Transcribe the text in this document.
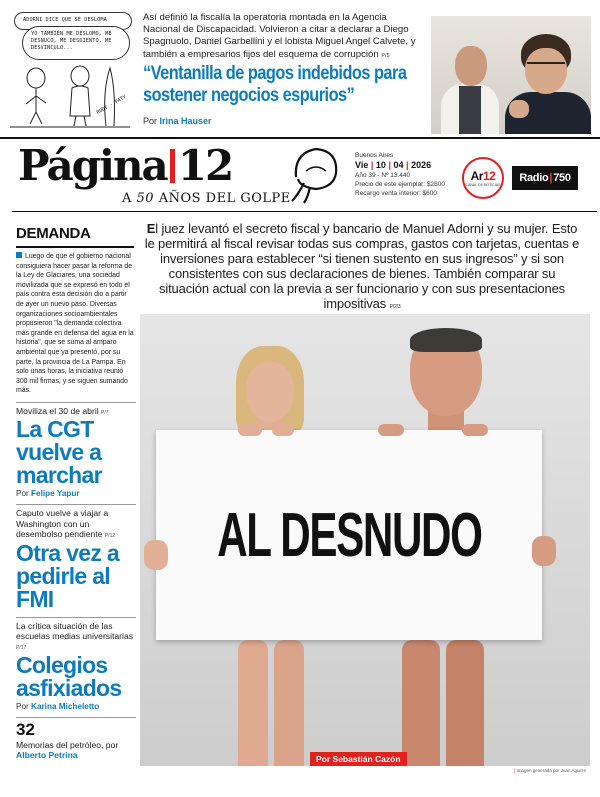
ADORNI DICE QUE SE DESLOMA
YO TAMBIÉN ME DESLOMO, ME DESNUCO, ME DESDIENTO, ME DESVINCULO...
RUDY · PATY

Así definió la fiscalía la operatoria montada en la Agencia Nacional de Discapacidad. Volvieron a citar a declarar a Diego Spagnuolo, Daniel Garbellini y el lobista Miguel Angel Calvete, y también a empresarios fijos del esquema de corrupción P/5

“Ventanilla de pagos indebidos para sostener negocios espurios”
Por Irina Hauser
Página 12
A 50 AÑOS DEL GOLPE
Buenos Aires
Vie | 10 | 04 | 2026
Año 39 - Nº 13.440
Precio de este ejemplar: $2800
Recargo venta interior: $600
Ar12
CANAL DE NOTICIAS
Radio | 750
DEMANDA

Luego de que el gobierno nacional consiguiera hacer pasar la reforma de la Ley de Glaciares, una sociedad movilizada que se expresó en todo el país contra esta decisión dio a partir de ayer un nuevo paso. Diversas organizaciones socioambientales propusieron "la demanda colectiva más grande en defensa del agua en la historia", que se suma al amparo ambiental que ya presentó, por su parte, la provincia de La Pampa. En solo unas horas, la iniciativa reunió 300 mil firmas, y se siguen sumando más.

Moviliza el 30 de abril P/7
La CGT vuelve a marchar
Por Felipe Yapur
Caputo vuelve a viajar a Washington con un desembolso pendiente P/12
Otra vez a pedirle al FMI
La crítica situación de las escuelas medias universitarias P/17
Colegios asfixiados
Por Karina Micheletto
32
Memorias del petróleo, por Alberto Petrina

El juez levantó el secreto fiscal y bancario de Manuel Adorni y su mujer. Esto le permitirá al fiscal revisar todas sus compras, gastos con tarjetas, cuentas e inversiones para establecer “si tienen sustento en sus ingresos” y si son consistentes con sus declaraciones de bienes. También comparar su situación actual con la previa a ser funcionario y con sus presentaciones impositivas P/2/3

AL DESNUDO
Por Sebastián Cazón
| Imagen generada por Juan Aguirre
